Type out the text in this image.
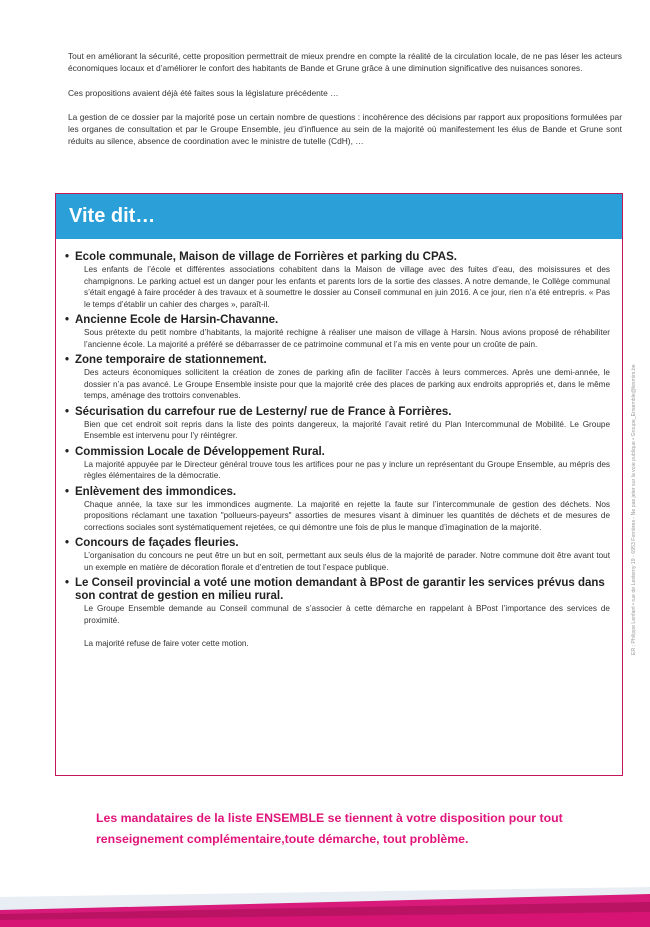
Tout en améliorant la sécurité, cette proposition permettrait de mieux prendre en compte la réalité de la circulation locale, de ne pas léser les acteurs économiques locaux et d’améliorer le confort des habitants de Bande et Grune grâce à une diminution significative des nuisances sonores.

Ces propositions avaient déjà été faites sous la législature précédente …

La gestion de ce dossier par la majorité pose un certain nombre de questions : incohérence des décisions par rapport aux propositions formulées par les organes de consultation et par le Groupe Ensemble, jeu d’influence au sein de la majorité où manifestement les élus de Bande et Grune sont réduits au silence, absence de coordination avec le ministre de tutelle (CdH), …

Vite dit…
• Ecole communale, Maison de village de Forrières et parking du CPAS.

Les enfants de l’école et différentes associations cohabitent dans la Maison de village avec des fuites d’eau, des moisissures et des champignons. Le parking actuel est un danger pour les enfants et parents lors de la sortie des classes. A notre demande, le Collège communal s’était engagé à faire procéder à des travaux et à soumettre le dossier au Conseil communal en juin 2016. A ce jour, rien n’a été entrepris. « Pas le temps d’établir un cahier des charges », paraît-il.

• Ancienne Ecole de Harsin-Chavanne.

Sous prétexte du petit nombre d’habitants, la majorité rechigne à réaliser une maison de village à Harsin. Nous avions proposé de réhabiliter l’ancienne école. La majorité a préféré se débarrasser de ce patrimoine communal et l’a mis en vente pour un croûte de pain.

• Zone temporaire de stationnement.

Des acteurs économiques sollicitent la création de zones de parking afin de faciliter l’accès à leurs commerces. Après une demi-année, le dossier n’a pas avancé. Le Groupe Ensemble insiste pour que la majorité crée des places de parking aux endroits appropriés et, dans le même temps, aménage des trottoirs convenables.

• Sécurisation du carrefour rue de Lesterny/ rue de France à Forrières.

Bien que cet endroit soit repris dans la liste des points dangereux, la majorité l’avait retiré du Plan Intercommunal de Mobilité. Le Groupe Ensemble est intervenu pour l’y réintégrer.

• Commission Locale de Développement Rural.

La majorité appuyée par le Directeur général trouve tous les artifices pour ne pas y inclure un représentant du Groupe Ensemble, au mépris des règles élémentaires de la démocratie.

• Enlèvement des immondices.

Chaque année, la taxe sur les immondices augmente. La majorité en rejette la faute sur l’intercommunale de gestion des déchets. Nos propositions réclamant une taxation "pollueurs-payeurs" assorties de mesures visant à diminuer les quantités de déchets et de mesures de corrections sociales sont systématiquement rejetées, ce qui démontre une fois de plus le manque d’imagination de la majorité.

• Concours de façades fleuries.

L’organisation du concours ne peut être un but en soit, permettant aux seuls élus de la majorité de parader. Notre commune doit être avant tout un exemple en matière de décoration florale et d’entretien de tout l’espace publique.

• Le Conseil provincial a voté une motion demandant à BPost de garantir les services prévus dans son contrat de gestion en milieu rural.

Le Groupe Ensemble demande au Conseil communal de s’associer à cette démarche en rappelant à BPost l’importance des services de proximité.

La majorité refuse de faire voter cette motion.	ER : Philippe Lenfant • rue de Lesterny 19 - 6953 Forrières - Ne pas jeter sur la voie publique • Groupe_Ensemble@lesmirs.be
Les mandataires de la liste ENSEMBLE se tiennent à votre disposition pour tout renseignement complémentaire,toute démarche, tout problème.
